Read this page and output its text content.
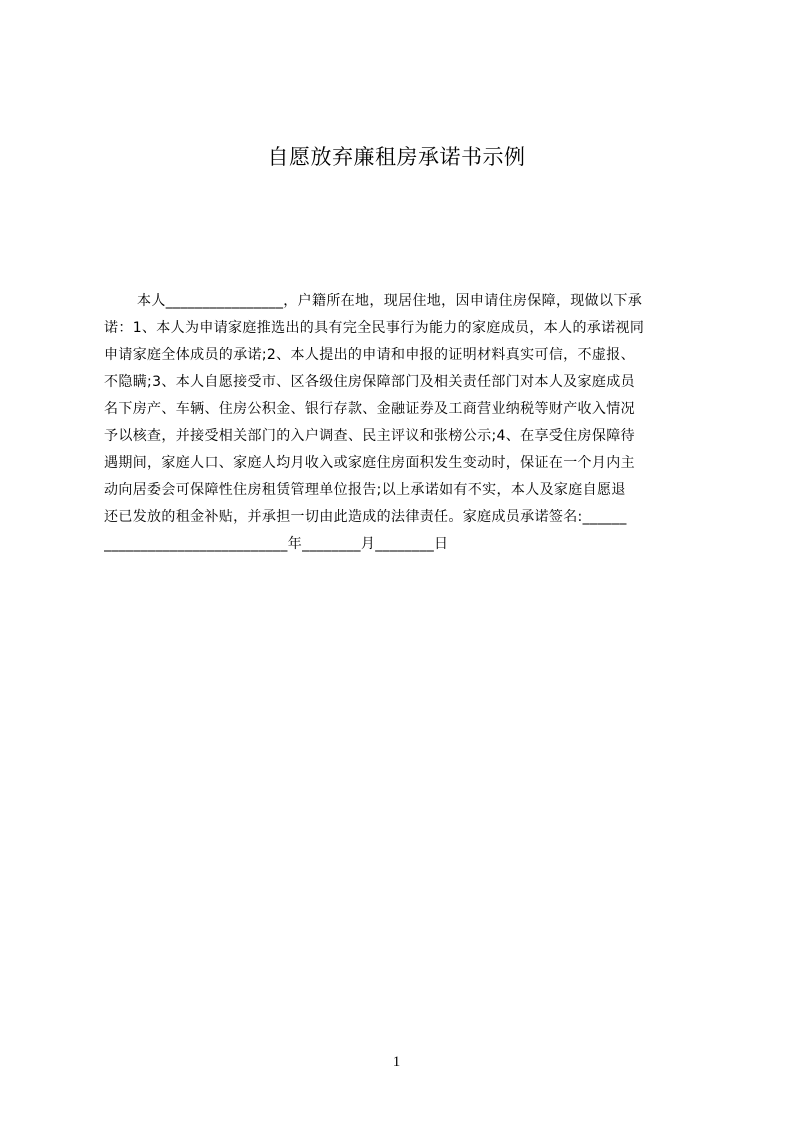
自愿放弃廉租房承诺书示例
本人________________，户籍所在地，现居住地，因申请住房保障，现做以下承
诺：1、本人为申请家庭推选出的具有完全民事行为能力的家庭成员，本人的承诺视同
申请家庭全体成员的承诺;2、本人提出的申请和申报的证明材料真实可信，不虚报、
不隐瞒;3、本人自愿接受市、区各级住房保障部门及相关责任部门对本人及家庭成员
名下房产、车辆、住房公积金、银行存款、金融证券及工商营业纳税等财产收入情况
予以核查，并接受相关部门的入户调查、民主评议和张榜公示;4、在享受住房保障待
遇期间，家庭人口、家庭人均月收入或家庭住房面积发生变动时，保证在一个月内主
动向居委会可保障性住房租赁管理单位报告;以上承诺如有不实，本人及家庭自愿退
还已发放的租金补贴，并承担一切由此造成的法律责任。家庭成员承诺签名:______
_________________________年________月________日
1
